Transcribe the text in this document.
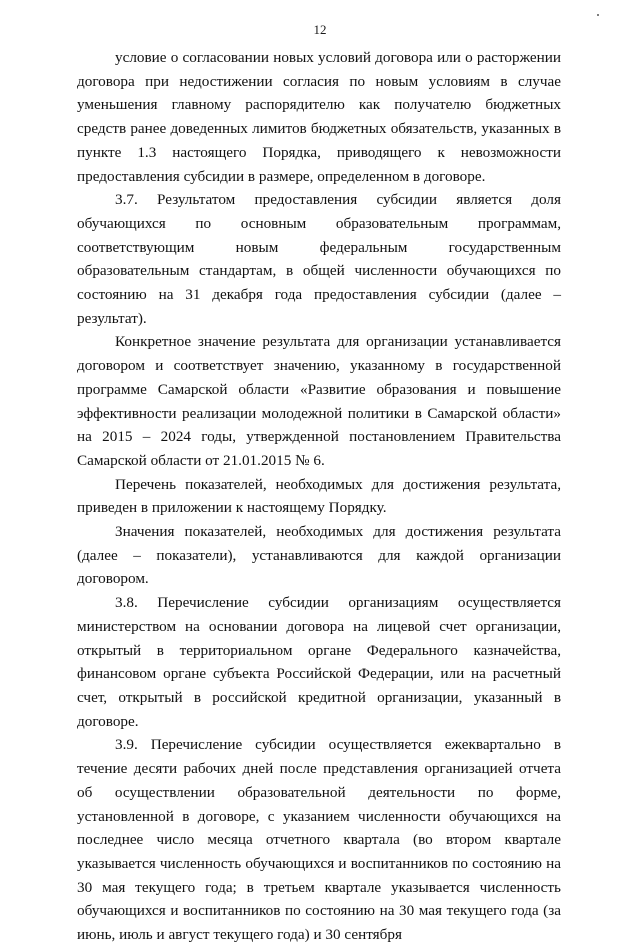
12

условие о согласовании новых условий договора или о расторжении договора при недостижении согласия по новым условиям в случае уменьшения главному распорядителю как получателю бюджетных средств ранее доведенных лимитов бюджетных обязательств, указанных в пункте 1.3 настоящего Порядка, приводящего к невозможности предоставления субсидии в размере, определенном в договоре.

3.7. Результатом предоставления субсидии является доля обучающихся по основным образовательным программам, соответствующим новым федеральным государственным образовательным стандартам, в общей численности обучающихся по состоянию на 31 декабря года предоставления субсидии (далее – результат).

Конкретное значение результата для организации устанавливается договором и соответствует значению, указанному в государственной программе Самарской области «Развитие образования и повышение эффективности реализации молодежной политики в Самарской области» на 2015 – 2024 годы, утвержденной постановлением Правительства Самарской области от 21.01.2015 № 6.

Перечень показателей, необходимых для достижения результата, приведен в приложении к настоящему Порядку.

Значения показателей, необходимых для достижения результата (далее – показатели), устанавливаются для каждой организации договором.

3.8. Перечисление субсидии организациям осуществляется министерством на основании договора на лицевой счет организации, открытый в территориальном органе Федерального казначейства, финансовом органе субъекта Российской Федерации, или на расчетный счет, открытый в российской кредитной организации, указанный в договоре.

3.9. Перечисление субсидии осуществляется ежеквартально в течение десяти рабочих дней после представления организацией отчета об осуществлении образовательной деятельности по форме, установленной в договоре, с указанием численности обучающихся на последнее число месяца отчетного квартала (во втором квартале указывается численность обучающихся и воспитанников по состоянию на 30 мая текущего года; в третьем квартале указывается численность обучающихся и воспитанников по состоянию на 30 мая текущего года (за июнь, июль и август текущего года) и 30 сентября
